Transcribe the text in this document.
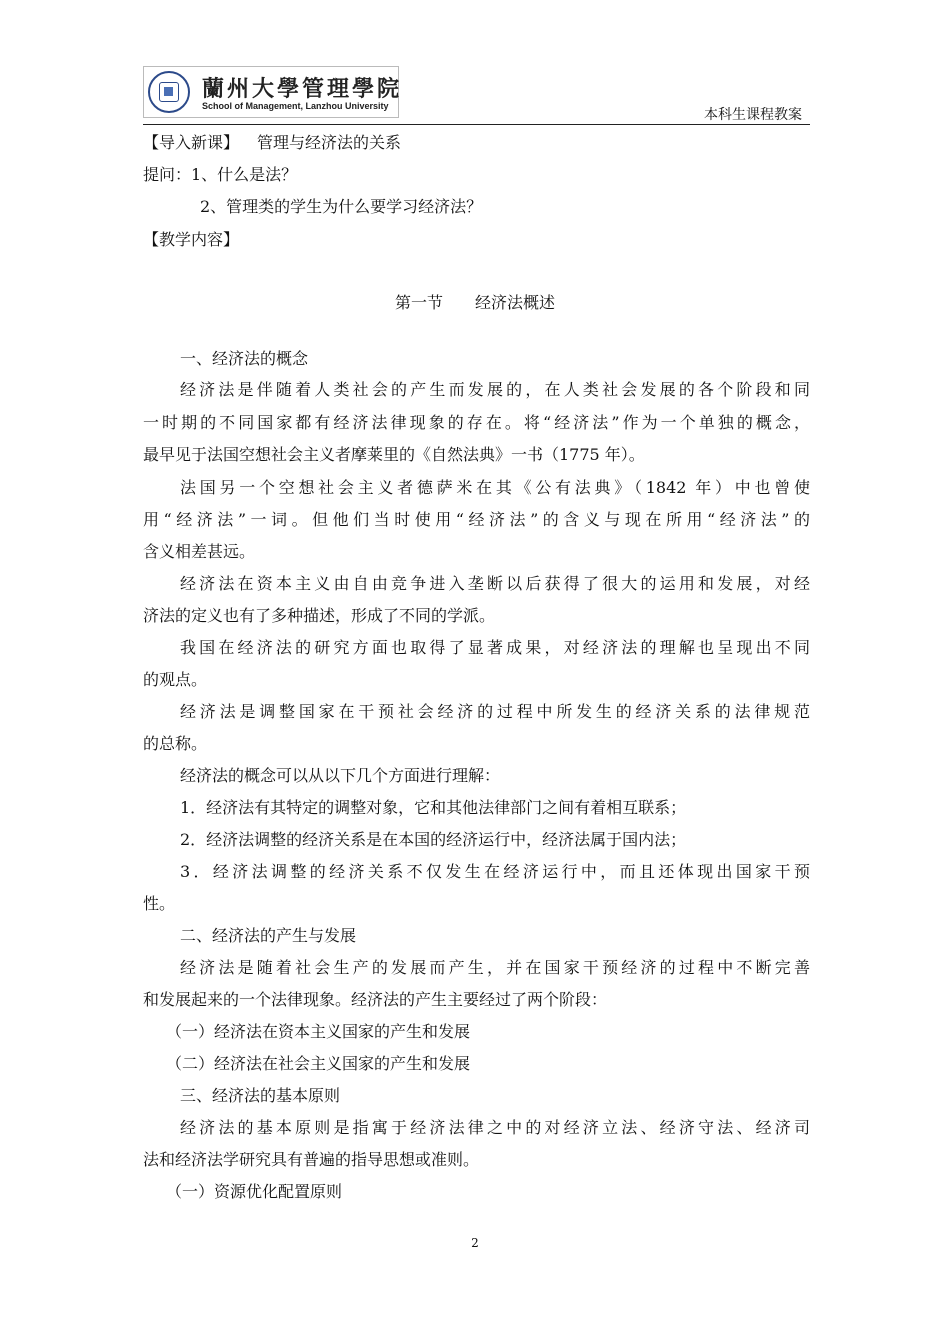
蘭州大學管理學院
School of Management, Lanzhou University
本科生课程教案
【导入新课】 管理与经济法的关系
提问：1、什么是法？
2、管理类的学生为什么要学习经济法？
【教学内容】
第一节　　经济法概述
一、经济法的概念
经济法是伴随着人类社会的产生而发展的，在人类社会发展的各个阶段和同
一时期的不同国家都有经济法律现象的存在。将“经济法”作为一个单独的概念，
最早见于法国空想社会主义者摩莱里的《自然法典》一书（1775 年）。
法国另一个空想社会主义者德萨米在其《公有法典》（1842 年）中也曾使
用“经济法”一词。但他们当时使用“经济法”的含义与现在所用“经济法”的
含义相差甚远。
经济法在资本主义由自由竞争进入垄断以后获得了很大的运用和发展，对经
济法的定义也有了多种描述，形成了不同的学派。
我国在经济法的研究方面也取得了显著成果，对经济法的理解也呈现出不同
的观点。
经济法是调整国家在干预社会经济的过程中所发生的经济关系的法律规范
的总称。
经济法的概念可以从以下几个方面进行理解：
1．经济法有其特定的调整对象，它和其他法律部门之间有着相互联系；
2．经济法调整的经济关系是在本国的经济运行中，经济法属于国内法；
3．经济法调整的经济关系不仅发生在经济运行中，而且还体现出国家干预
性。
二、经济法的产生与发展
经济法是随着社会生产的发展而产生，并在国家干预经济的过程中不断完善
和发展起来的一个法律现象。经济法的产生主要经过了两个阶段：
（一）经济法在资本主义国家的产生和发展
（二）经济法在社会主义国家的产生和发展
三、经济法的基本原则
经济法的基本原则是指寓于经济法律之中的对经济立法、经济守法、经济司
法和经济法学研究具有普遍的指导思想或准则。
（一）资源优化配置原则
2
